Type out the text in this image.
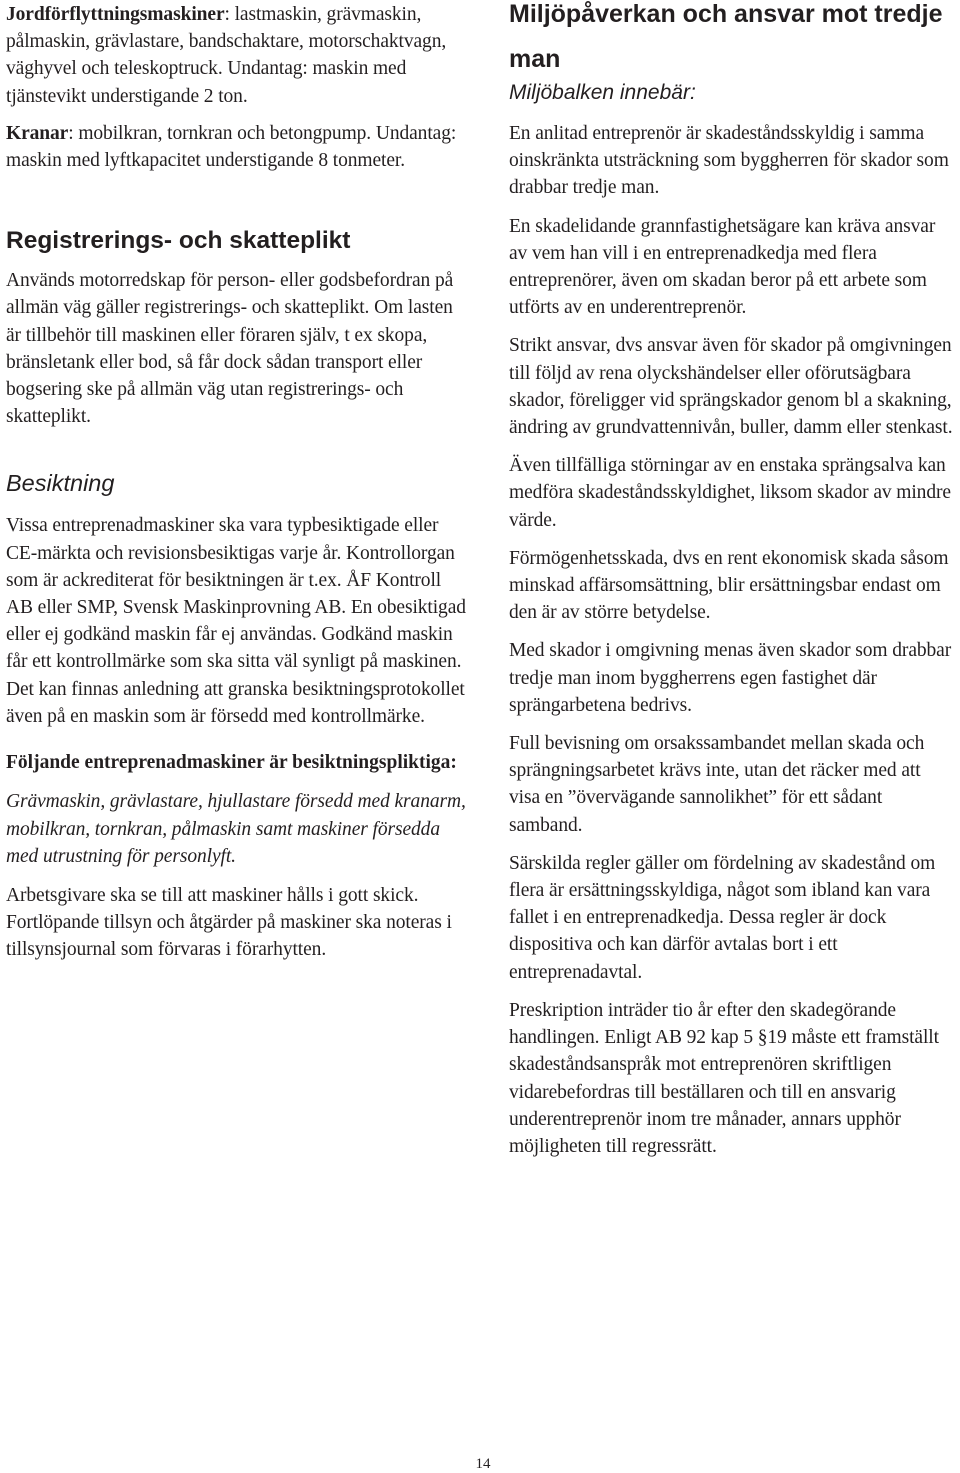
Jordförflyttningsmaskiner: lastmaskin, grävmaskin, pålmaskin, grävlastare, bandschaktare, motorschaktvagn, väghyvel och teleskoptruck. Undantag: maskin med tjänstevikt understigande 2 ton.

Kranar: mobilkran, tornkran och betongpump. Undantag: maskin med lyftkapacitet understigande 8 tonmeter.

Registrerings- och skatteplikt

Används motorredskap för person- eller godsbefordran på allmän väg gäller registrerings- och skatteplikt. Om lasten är tillbehör till maskinen eller föraren själv, t ex skopa, bränsletank eller bod, så får dock sådan transport eller bogsering ske på allmän väg utan registrerings- och skatteplikt.

Besiktning

Vissa entreprenadmaskiner ska vara typbesiktigade eller CE-märkta och revisionsbesiktigas varje år. Kontrollorgan som är ackrediterat för besiktningen är t.ex. ÅF Kontroll AB eller SMP, Svensk Maskinprovning AB. En obesiktigad eller ej godkänd maskin får ej användas. Godkänd maskin får ett kontrollmärke som ska sitta väl synligt på maskinen. Det kan finnas anledning att granska besiktningsprotokollet även på en maskin som är försedd med kontrollmärke.

Följande entreprenadmaskiner är besiktningspliktiga:

Grävmaskin, grävlastare, hjullastare försedd med kranarm, mobilkran, tornkran, pålmaskin samt maskiner försedda med utrustning för personlyft.

Arbetsgivare ska se till att maskiner hålls i gott skick. Fortlöpande tillsyn och åtgärder på maskiner ska noteras i tillsynsjournal som förvaras i förarhytten.

Miljöpåverkan och ansvar mot tredje man
Miljöbalken innebär:

En anlitad entreprenör är skadeståndsskyldig i samma oinskränkta utsträckning som byggherren för skador som drabbar tredje man.

En skadelidande grannfastighetsägare kan kräva ansvar av vem han vill i en entreprenadkedja med flera entreprenörer, även om skadan beror på ett arbete som utförts av en underentreprenör.

Strikt ansvar, dvs ansvar även för skador på omgivningen till följd av rena olyckshändelser eller oförutsägbara skador, föreligger vid sprängskador genom bl a skakning, ändring av grundvattennivån, buller, damm eller stenkast.

Även tillfälliga störningar av en enstaka sprängsalva kan medföra skadeståndsskyldighet, liksom skador av mindre värde.

Förmögenhetsskada, dvs en rent ekonomisk skada såsom minskad affärsomsättning, blir ersättningsbar endast om den är av större betydelse.

Med skador i omgivning menas även skador som drabbar tredje man inom byggherrens egen fastighet där sprängarbetena bedrivs.

Full bevisning om orsakssambandet mellan skada och sprängningsarbetet krävs inte, utan det räcker med att visa en ”övervägande sannolikhet” för ett sådant samband.

Särskilda regler gäller om fördelning av skadestånd om flera är ersättningsskyldiga, något som ibland kan vara fallet i en entreprenadkedja. Dessa regler är dock dispositiva och kan därför avtalas bort i ett entreprenadavtal.

Preskription inträder tio år efter den skadegörande handlingen. Enligt AB 92 kap 5 §19 måste ett framställt skadeståndsanspråk mot entreprenören skriftligen vidarebefordras till beställaren och till en ansvarig underentreprenör inom tre månader, annars upphör möjligheten till regressrätt.

14
